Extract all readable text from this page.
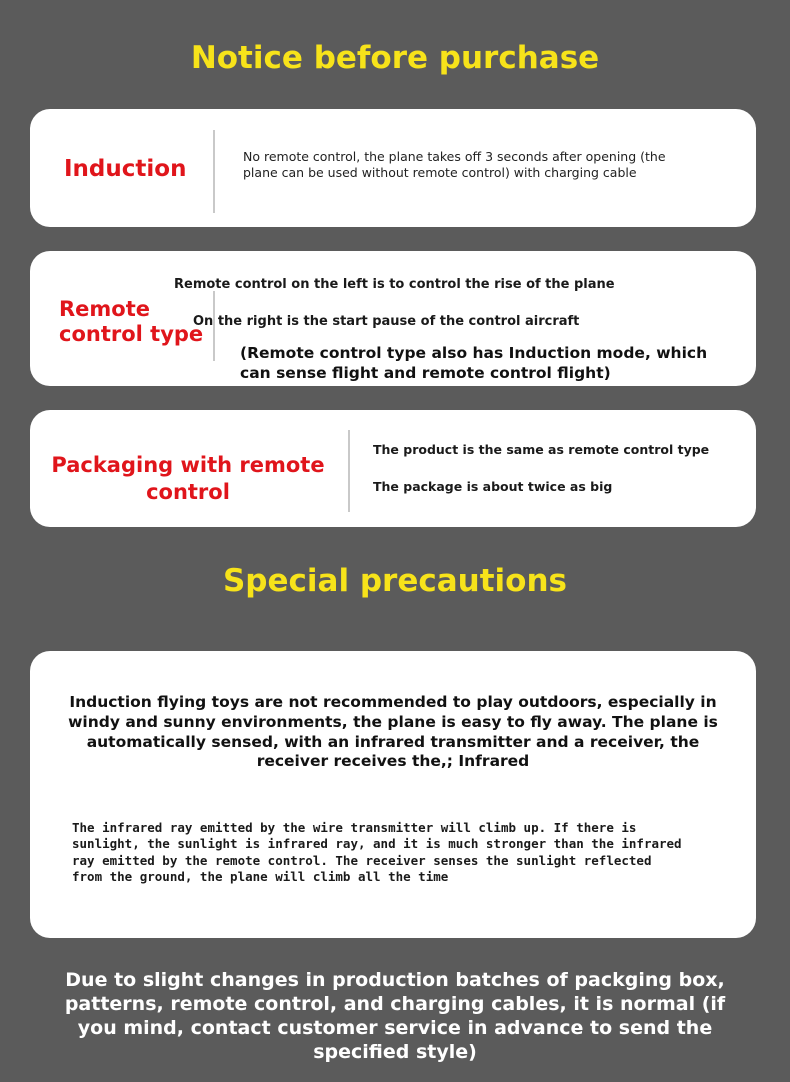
Notice before purchase
Induction	No remote control, the plane takes off 3 seconds after opening (the plane can be used without remote control) with charging cable
Remote control type
Remote control on the left is to control the rise of the plane
On the right is the start pause of the control aircraft
(Remote control type also has Induction mode, which can sense flight and remote control flight)
Packaging with remote control
The product is the same as remote control type
The package is about twice as big
Special precautions
Induction flying toys are not recommended to play outdoors, especially in windy and sunny environments, the plane is easy to fly away. The plane is automatically sensed, with an infrared transmitter and a receiver, the receiver receives the,; Infrared
The infrared ray emitted by the wire transmitter will climb up. If there is sunlight, the sunlight is infrared ray, and it is much stronger than the infrared ray emitted by the remote control. The receiver senses the sunlight reflected from the ground, the plane will climb all the time
Due to slight changes in production batches of packging box, patterns, remote control, and charging cables, it is normal (if you mind, contact customer service in advance to send the specified style)
